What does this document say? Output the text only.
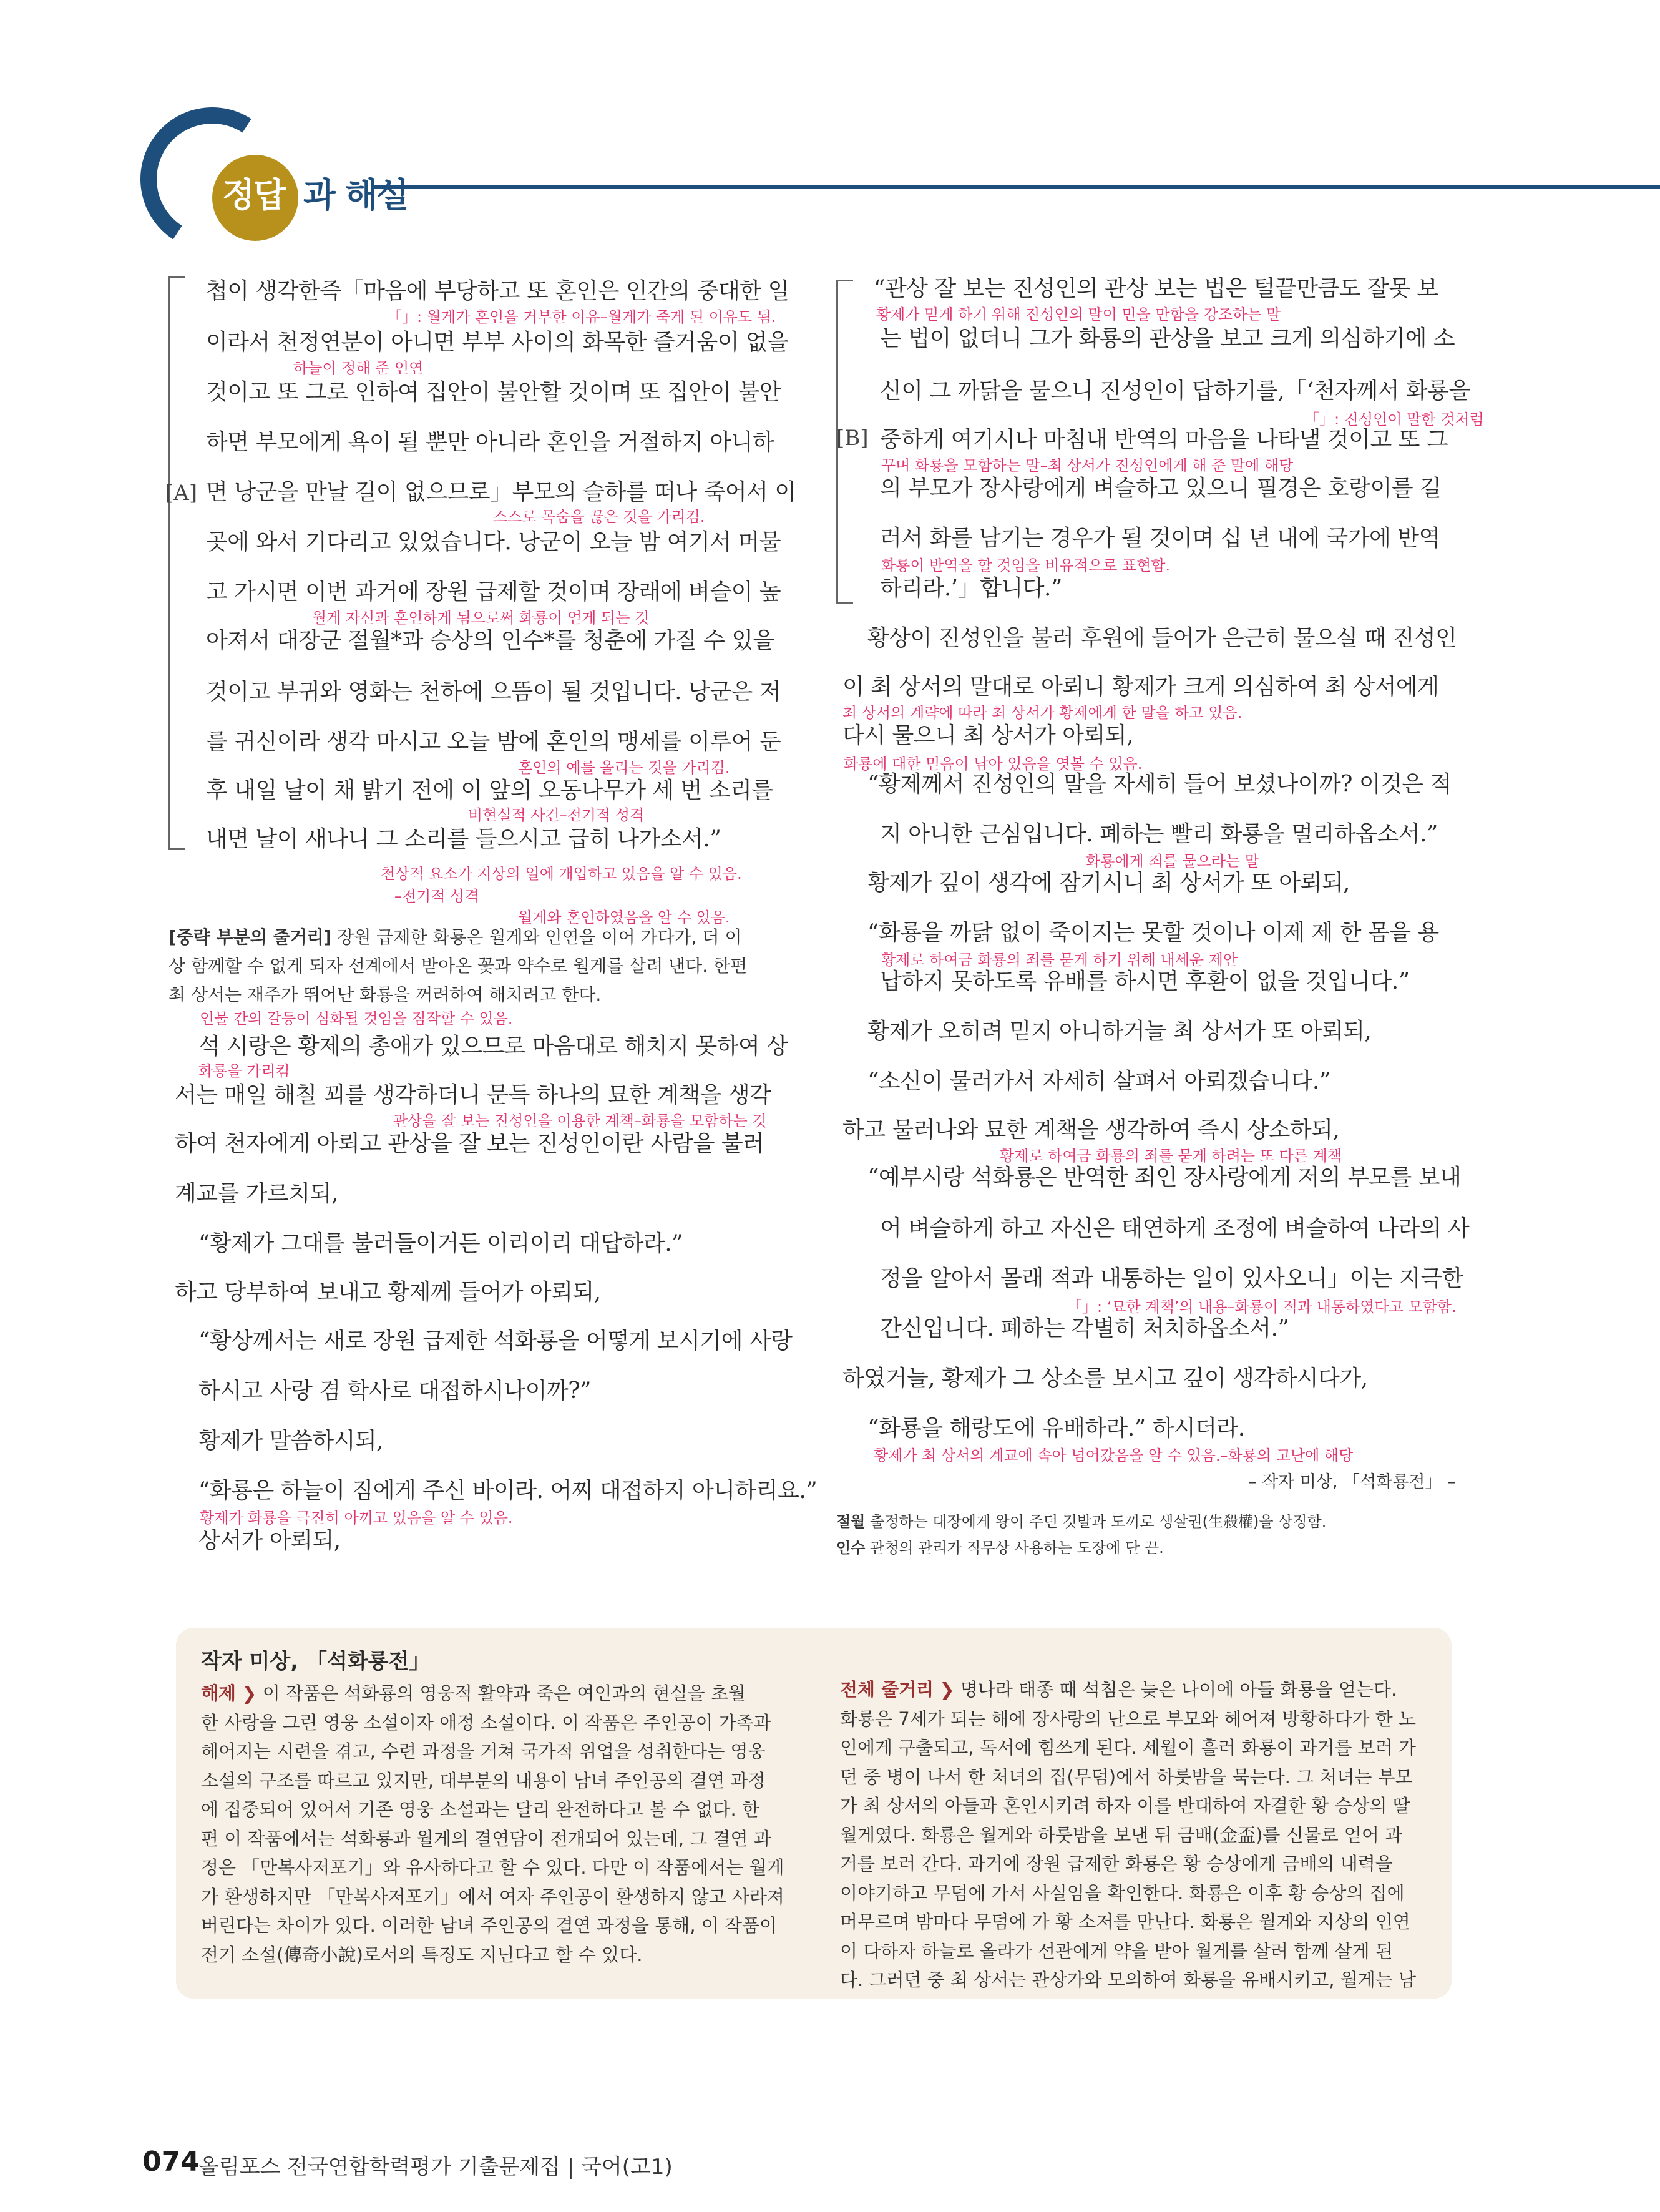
정답 과 해설
[A]
첩이 생각한즉「마음에 부당하고 또 혼인은 인간의 중대한 일
「」: 월게가 혼인을 거부한 이유–월게가 죽게 된 이유도 됨.
이라서 천정연분이 아니면 부부 사이의 화목한 즐거움이 없을
하늘이 정해 준 인연
것이고 또 그로 인하여 집안이 불안할 것이며 또 집안이 불안
하면 부모에게 욕이 될 뿐만 아니라 혼인을 거절하지 아니하
면 낭군을 만날 길이 없으므로」부모의 슬하를 떠나 죽어서 이
스스로 목숨을 끊은 것을 가리킴.
곳에 와서 기다리고 있었습니다. 낭군이 오늘 밤 여기서 머물
고 가시면 이번 과거에 장원 급제할 것이며 장래에 벼슬이 높
월게 자신과 혼인하게 됨으로써 화룡이 얻게 되는 것
아져서 대장군 절월*과 승상의 인수*를 청춘에 가질 수 있을
것이고 부귀와 영화는 천하에 으뜸이 될 것입니다. 낭군은 저
를 귀신이라 생각 마시고 오늘 밤에 혼인의 맹세를 이루어 둔
혼인의 예를 올리는 것을 가리킴.
후 내일 날이 채 밝기 전에 이 앞의 오동나무가 세 번 소리를
비현실적 사건–전기적 성격
내면 날이 새나니 그 소리를 들으시고 급히 나가소서.”
천상적 요소가 지상의 일에 개입하고 있음을 알 수 있음.
–전기적 성격
월게와 혼인하였음을 알 수 있음.
[중략 부분의 줄거리] 장원 급제한 화룡은 월게와 인연을 이어 가다가, 더 이
상 함께할 수 없게 되자 선계에서 받아온 꽃과 약수로 월게를 살려 낸다. 한편
최 상서는 재주가 뛰어난 화룡을 꺼려하여 해치려고 한다.
인물 간의 갈등이 심화될 것임을 짐작할 수 있음.
석 시랑은 황제의 총애가 있으므로 마음대로 해치지 못하여 상
화룡을 가리킴
서는 매일 해칠 꾀를 생각하더니 문득 하나의 묘한 계책을 생각
관상을 잘 보는 진성인을 이용한 계책–화룡을 모함하는 것
하여 천자에게 아뢰고 관상을 잘 보는 진성인이란 사람을 불러
계교를 가르치되,
“황제가 그대를 불러들이거든 이리이리 대답하라.”
하고 당부하여 보내고 황제께 들어가 아뢰되,
“황상께서는 새로 장원 급제한 석화룡을 어떻게 보시기에 사랑
하시고 사랑 겸 학사로 대접하시나이까?”
황제가 말씀하시되,
“화룡은 하늘이 짐에게 주신 바이라. 어찌 대접하지 아니하리요.”
황제가 화룡을 극진히 아끼고 있음을 알 수 있음.
상서가 아뢰되,
[B]
“관상 잘 보는 진성인의 관상 보는 법은 털끝만큼도 잘못 보
황제가 믿게 하기 위해 진성인의 말이 민을 만함을 강조하는 말
는 법이 없더니 그가 화룡의 관상을 보고 크게 의심하기에 소
신이 그 까닭을 물으니 진성인이 답하기를,「‘천자께서 화룡을
「」: 진성인이 말한 것처럼
중하게 여기시나 마침내 반역의 마음을 나타낼 것이고 또 그
꾸며 화룡을 모함하는 말–최 상서가 진성인에게 해 준 말에 해당
의 부모가 장사랑에게 벼슬하고 있으니 필경은 호랑이를 길
러서 화를 남기는 경우가 될 것이며 십 년 내에 국가에 반역
화룡이 반역을 할 것임을 비유적으로 표현함.
하리라.’」합니다.”
황상이 진성인을 불러 후원에 들어가 은근히 물으실 때 진성인
이 최 상서의 말대로 아뢰니 황제가 크게 의심하여 최 상서에게
최 상서의 계략에 따라 최 상서가 황제에게 한 말을 하고 있음.
다시 물으니 최 상서가 아뢰되,
화룡에 대한 믿음이 남아 있음을 엿볼 수 있음.
“황제께서 진성인의 말을 자세히 들어 보셨나이까? 이것은 적
지 아니한 근심입니다. 폐하는 빨리 화룡을 멀리하옵소서.”
화룡에게 죄를 물으라는 말
황제가 깊이 생각에 잠기시니 최 상서가 또 아뢰되,
“화룡을 까닭 없이 죽이지는 못할 것이나 이제 제 한 몸을 용
황제로 하여금 화룡의 죄를 묻게 하기 위해 내세운 제안
납하지 못하도록 유배를 하시면 후환이 없을 것입니다.”
황제가 오히려 믿지 아니하거늘 최 상서가 또 아뢰되,
“소신이 물러가서 자세히 살펴서 아뢰겠습니다.”
하고 물러나와 묘한 계책을 생각하여 즉시 상소하되,
황제로 하여금 화룡의 죄를 묻게 하려는 또 다른 계책
“예부시랑 석화룡은 반역한 죄인 장사랑에게 저의 부모를 보내
어 벼슬하게 하고 자신은 태연하게 조정에 벼슬하여 나라의 사
정을 알아서 몰래 적과 내통하는 일이 있사오니」이는 지극한
「」: ‘묘한 계책’의 내용–화룡이 적과 내통하였다고 모함함.
간신입니다. 폐하는 각별히 처치하옵소서.”
하였거늘, 황제가 그 상소를 보시고 깊이 생각하시다가,
“화룡을 해랑도에 유배하라.” 하시더라.
황제가 최 상서의 계교에 속아 넘어갔음을 알 수 있음.–화룡의 고난에 해당
– 작자 미상, 「석화룡전」 –
절월 출정하는 대장에게 왕이 주던 깃발과 도끼로 생살권(生殺權)을 상징함.
인수 관청의 관리가 직무상 사용하는 도장에 단 끈.
작자 미상, 「석화룡전」
해제 ❯ 이 작품은 석화룡의 영웅적 활약과 죽은 여인과의 현실을 초월
한 사랑을 그린 영웅 소설이자 애정 소설이다. 이 작품은 주인공이 가족과
헤어지는 시련을 겪고, 수련 과정을 거쳐 국가적 위업을 성취한다는 영웅
소설의 구조를 따르고 있지만, 대부분의 내용이 남녀 주인공의 결연 과정
에 집중되어 있어서 기존 영웅 소설과는 달리 완전하다고 볼 수 없다. 한
편 이 작품에서는 석화룡과 월게의 결연담이 전개되어 있는데, 그 결연 과
정은 「만복사저포기」와 유사하다고 할 수 있다. 다만 이 작품에서는 월게
가 환생하지만 「만복사저포기」에서 여자 주인공이 환생하지 않고 사라져
버린다는 차이가 있다. 이러한 남녀 주인공의 결연 과정을 통해, 이 작품이
전기 소설(傳奇小說)로서의 특징도 지닌다고 할 수 있다.
전체 줄거리 ❯ 명나라 태종 때 석침은 늦은 나이에 아들 화룡을 얻는다.
화룡은 7세가 되는 해에 장사랑의 난으로 부모와 헤어져 방황하다가 한 노
인에게 구출되고, 독서에 힘쓰게 된다. 세월이 흘러 화룡이 과거를 보러 가
던 중 병이 나서 한 처녀의 집(무덤)에서 하룻밤을 묵는다. 그 처녀는 부모
가 최 상서의 아들과 혼인시키려 하자 이를 반대하여 자결한 황 승상의 딸
월게였다. 화룡은 월게와 하룻밤을 보낸 뒤 금배(金盃)를 신물로 얻어 과
거를 보러 간다. 과거에 장원 급제한 화룡은 황 승상에게 금배의 내력을
이야기하고 무덤에 가서 사실임을 확인한다. 화룡은 이후 황 승상의 집에
머무르며 밤마다 무덤에 가 황 소저를 만난다. 화룡은 월게와 지상의 인연
이 다하자 하늘로 올라가 선관에게 약을 받아 월게를 살려 함께 살게 된
다. 그러던 중 최 상서는 관상가와 모의하여 화룡을 유배시키고, 월게는 남
074
올림포스 전국연합학력평가 기출문제집 | 국어(고1)
